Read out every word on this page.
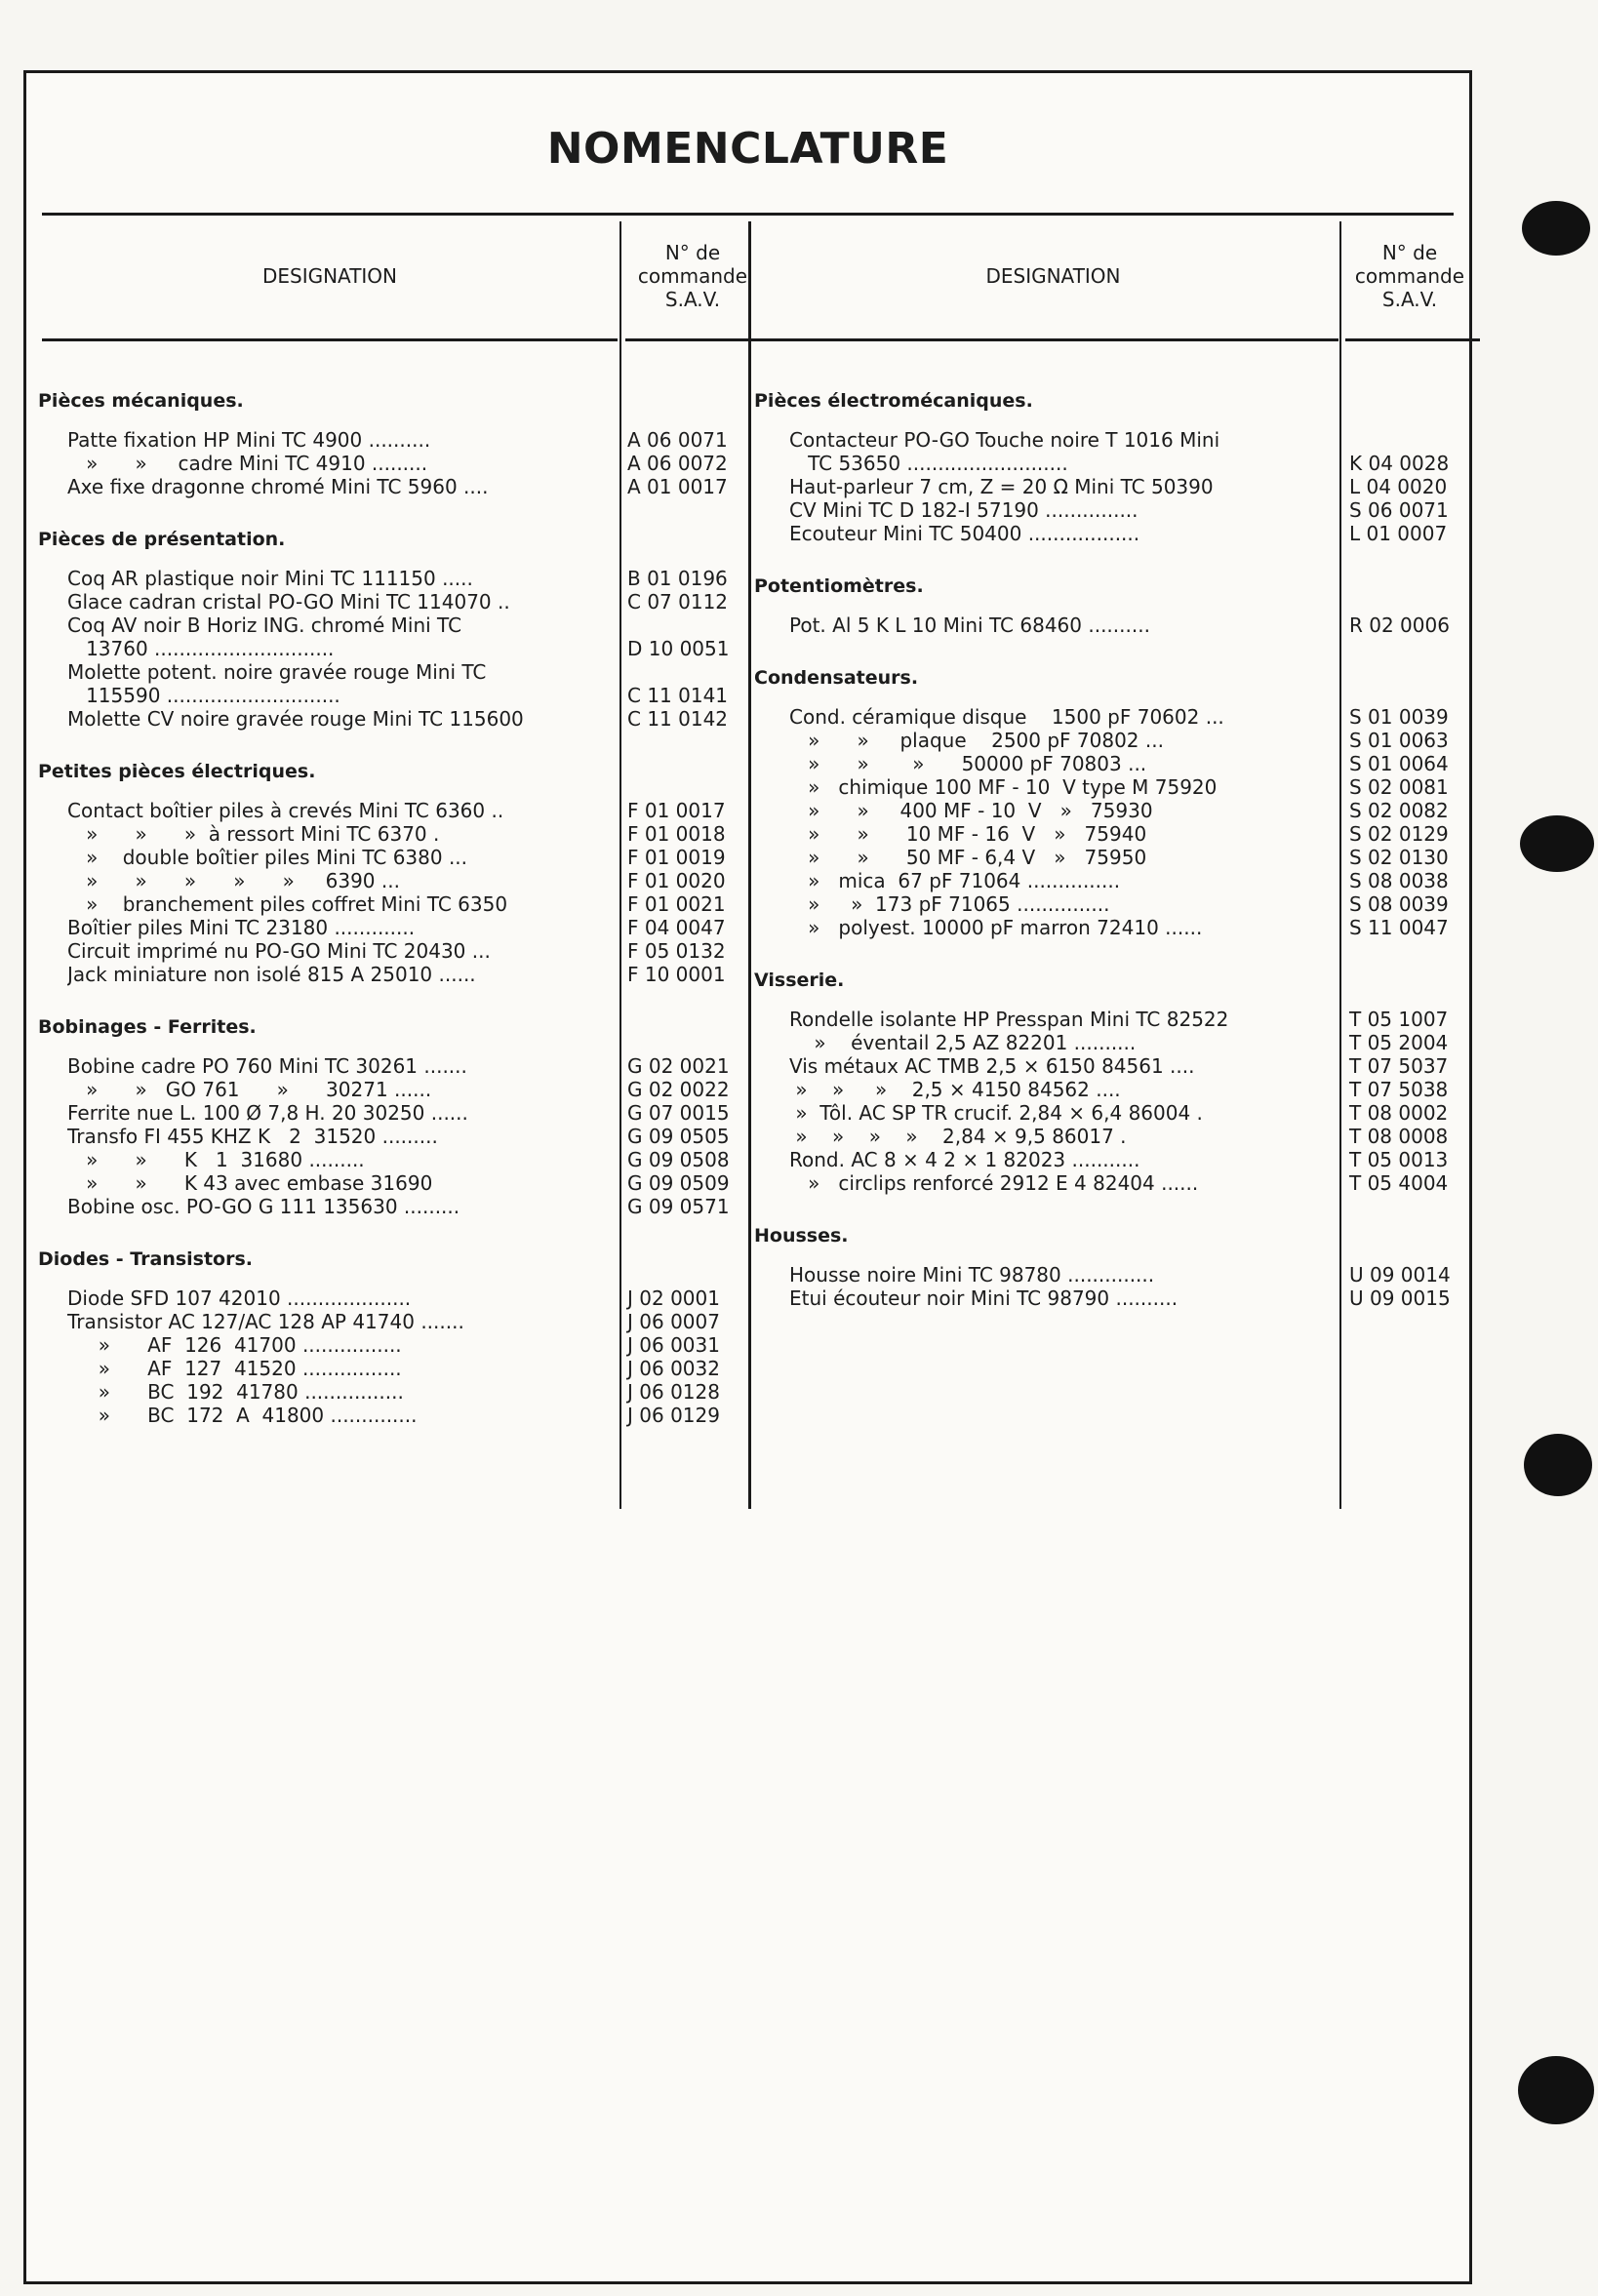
NOMENCLATURE
DESIGNATION
N° de
commande
S.A.V.
DESIGNATION
N° de
commande
S.A.V.
Pièces mécaniques.
Patte fixation HP Mini TC 4900 ..........	A 06 0071
»      »     cadre Mini TC 4910 .........	A 06 0072
Axe fixe dragonne chromé Mini TC 5960 ....	A 01 0017
Pièces de présentation.
Coq AR plastique noir Mini TC 111150 .....	B 01 0196
Glace cadran cristal PO-GO Mini TC 114070 ..	C 07 0112
Coq AV noir B Horiz ING. chromé Mini TC
13760 .............................	D 10 0051
Molette potent. noire gravée rouge Mini TC
115590 ............................	C 11 0141
Molette CV noire gravée rouge Mini TC 115600	C 11 0142
Petites pièces électriques.
Contact boîtier piles à crevés Mini TC 6360 ..	F 01 0017
»      »      »  à ressort Mini TC 6370 .	F 01 0018
»    double boîtier piles Mini TC 6380 ...	F 01 0019
»      »      »      »      »     6390 ...	F 01 0020
»    branchement piles coffret Mini TC 6350	F 01 0021
Boîtier piles Mini TC 23180 .............	F 04 0047
Circuit imprimé nu PO-GO Mini TC 20430 ...	F 05 0132
Jack miniature non isolé 815 A 25010 ......	F 10 0001
Bobinages - Ferrites.
Bobine cadre PO 760 Mini TC 30261 .......	G 02 0021
»      »   GO 761      »      30271 ......	G 02 0022
Ferrite nue L. 100 Ø 7,8 H. 20 30250 ......	G 07 0015
Transfo FI 455 KHZ K   2  31520 .........	G 09 0505
»      »      K   1  31680 .........	G 09 0508
»      »      K 43 avec embase 31690	G 09 0509
Bobine osc. PO-GO G 111 135630 .........	G 09 0571
Diodes - Transistors.
Diode SFD 107 42010 ....................	J 02 0001
Transistor AC 127/AC 128 AP 41740 .......	J 06 0007
»      AF  126  41700 ................	J 06 0031
»      AF  127  41520 ................	J 06 0032
»      BC  192  41780 ................	J 06 0128
»      BC  172  A  41800 ..............	J 06 0129
Pièces électromécaniques.
Contacteur PO-GO Touche noire T 1016 Mini
TC 53650 ..........................	K 04 0028
Haut-parleur 7 cm, Z = 20 Ω Mini TC 50390	L 04 0020
CV Mini TC D 182-I 57190 ...............	S 06 0071
Ecouteur Mini TC 50400 ..................	L 01 0007
Potentiomètres.
Pot. Al 5 K L 10 Mini TC 68460 ..........	R 02 0006
Condensateurs.
Cond. céramique disque    1500 pF 70602 ...	S 01 0039
»      »     plaque    2500 pF 70802 ...	S 01 0063
»      »       »      50000 pF 70803 ...	S 01 0064
»   chimique 100 MF - 10  V type M 75920	S 02 0081
»      »     400 MF - 10  V   »   75930	S 02 0082
»      »      10 MF - 16  V   »   75940	S 02 0129
»      »      50 MF - 6,4 V   »   75950	S 02 0130
»   mica  67 pF 71064 ...............	S 08 0038
»     »  173 pF 71065 ...............	S 08 0039
»   polyest. 10000 pF marron 72410 ......	S 11 0047
Visserie.
Rondelle isolante HP Presspan Mini TC 82522	T 05 1007
»    éventail 2,5 AZ 82201 ..........	T 05 2004
Vis métaux AC TMB 2,5 × 6150 84561 ....	T 07 5037
»    »     »    2,5 × 4150 84562 ....	T 07 5038
»  Tôl. AC SP TR crucif. 2,84 × 6,4 86004 .	T 08 0002
»    »    »    »    2,84 × 9,5 86017 .	T 08 0008
Rond. AC 8 × 4 2 × 1 82023 ...........	T 05 0013
»   circlips renforcé 2912 E 4 82404 ......	T 05 4004
Housses.
Housse noire Mini TC 98780 ..............	U 09 0014
Etui écouteur noir Mini TC 98790 ..........	U 09 0015
